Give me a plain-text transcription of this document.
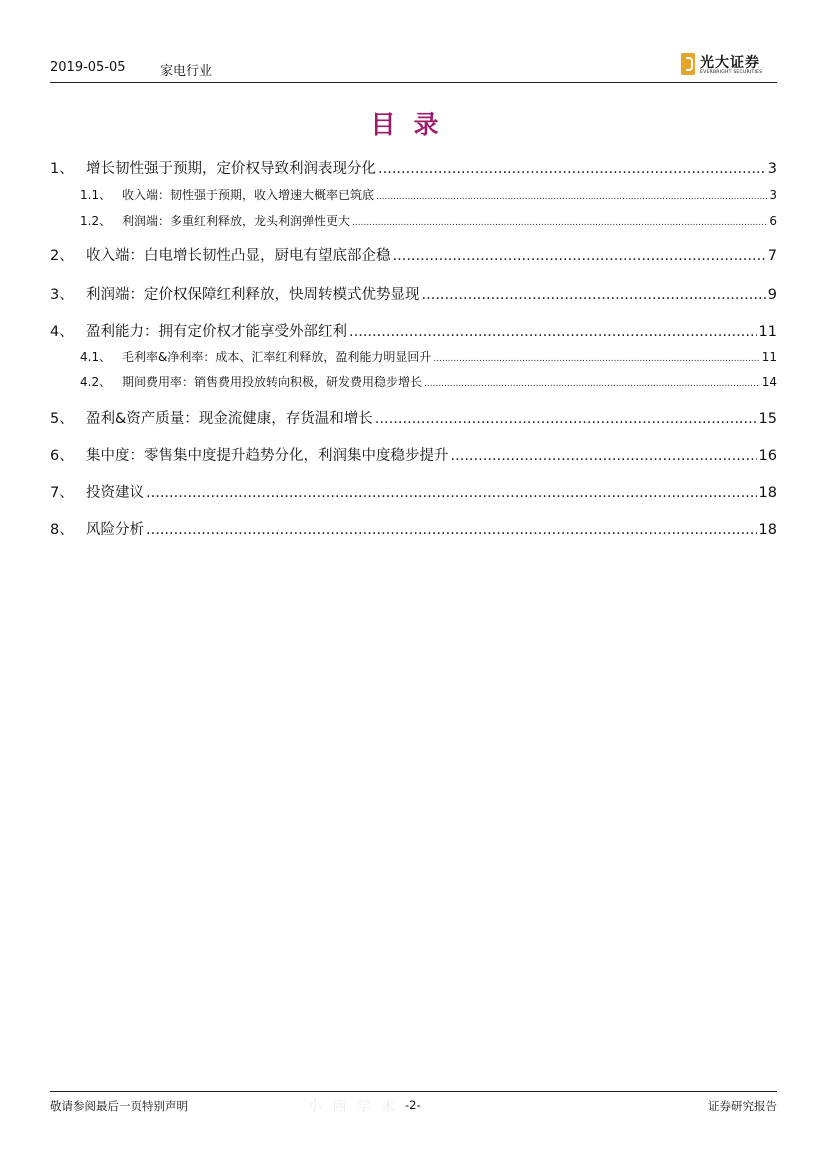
2019-05-05	家电行业
光大证券
EVERBRIGHT SECURITIES
目录
1、 增长韧性强于预期，定价权导致利润表现分化 .....	3
1.1、 收入端：韧性强于预期，收入增速大概率已筑底 .....	3
1.2、 利润端：多重红利释放，龙头利润弹性更大 .....	6
2、 收入端：白电增长韧性凸显，厨电有望底部企稳 .....	7
3、 利润端：定价权保障红利释放，快周转模式优势显现 .....	9
4、 盈利能力：拥有定价权才能享受外部红利 .....	11
4.1、 毛利率&净利率：成本、汇率红利释放，盈利能力明显回升 .....	11
4.2、 期间费用率：销售费用投放转向积极，研发费用稳步增长 .....	14
5、 盈利&资产质量：现金流健康，存货温和增长 .....	15
6、 集中度：零售集中度提升趋势分化，利润集中度稳步提升 .....	16
7、 投资建议 .....	18
8、 风险分析 .....	18
敬请参阅最后一页特别声明	小 西 学 术 -2-	证券研究报告
